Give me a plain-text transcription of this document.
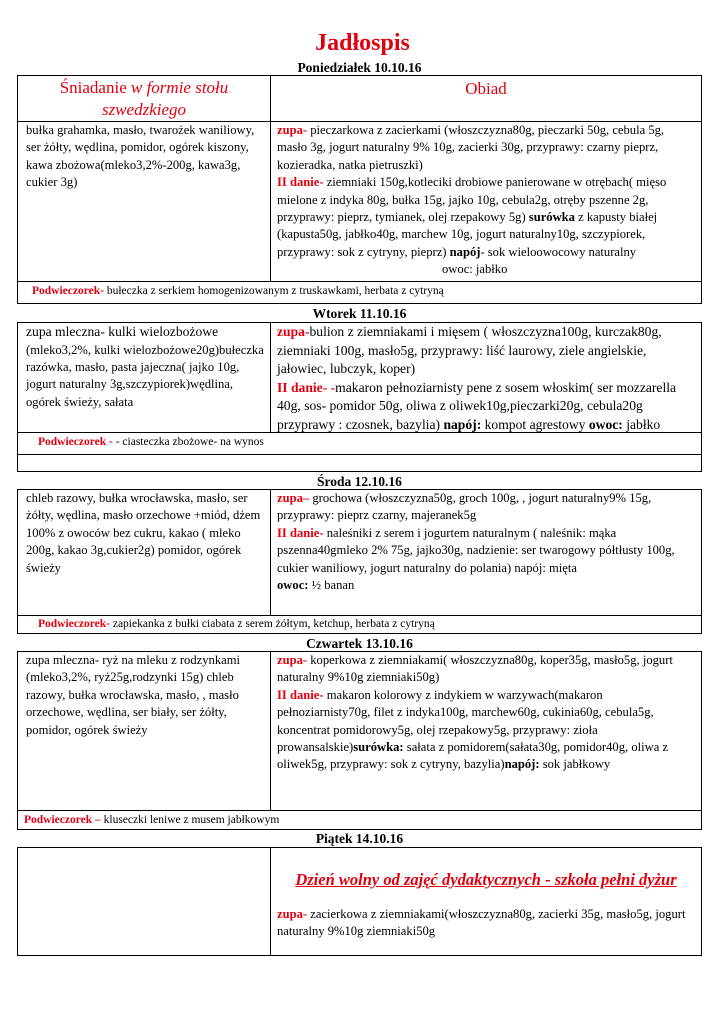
Jadłospis
Poniedziałek 10.10.16
Śniadanie w formie stołu
szwedzkiego
Obiad
bułka grahamka, masło, twarożek waniliowy, ser żółty, wędlina, pomidor, ogórek kiszony, kawa zbożowa(mleko3,2%-200g, kawa3g, cukier 3g)
zupa- pieczarkowa z zacierkami (włoszczyzna80g, pieczarki 50g, cebula 5g, masło 3g, jogurt naturalny 9% 10g, zacierki 30g, przyprawy: czarny pieprz, kozieradka, natka pietruszki)
II danie- ziemniaki 150g,kotleciki drobiowe panierowane w otrębach( mięso mielone z indyka 80g, bułka 15g, jajko 10g, cebula2g, otręby pszenne 2g, przyprawy: pieprz, tymianek, olej rzepakowy 5g) surówka z kapusty białej (kapusta50g, jabłko40g, marchew 10g, jogurt naturalny10g, szczypiorek, przyprawy: sok z cytryny, pieprz) napój- sok wieloowocowy naturalny
owoc: jabłko
Podwieczorek- bułeczka z serkiem homogenizowanym z truskawkami, herbata z cytryną
Wtorek 11.10.16
zupa mleczna- kulki wielozbożowe
(mleko3,2%, kulki wielozbożowe20g)bułeczka razówka, masło, pasta jajeczna( jajko 10g, jogurt naturalny 3g,szczypiorek)wędlina, ogórek świeży, sałata
zupa-bulion z ziemniakami i mięsem ( włoszczyzna100g, kurczak80g, ziemniaki 100g, masło5g, przyprawy: liść laurowy, ziele angielskie, jałowiec, lubczyk, koper)
II danie- -makaron pełnoziarnisty pene z sosem włoskim( ser mozzarella 40g, sos- pomidor 50g, oliwa z oliwek10g,pieczarki20g, cebula20g przyprawy : czosnek, bazylia) napój: kompot agrestowy owoc: jabłko
Podwieczorek - - ciasteczka zbożowe- na wynos
Środa 12.10.16
chleb razowy, bułka wrocławska, masło, ser żółty, wędlina, masło orzechowe +miód, dżem 100% z owoców bez cukru, kakao ( mleko 200g, kakao 3g,cukier2g) pomidor, ogórek świeży
zupa– grochowa (włoszczyzna50g, groch 100g, , jogurt naturalny9% 15g, przyprawy: pieprz czarny, majeranek5g
II danie- naleśniki z serem i jogurtem naturalnym ( naleśnik: mąka pszenna40gmleko 2% 75g, jajko30g, nadzienie: ser twarogowy półtłusty 100g, cukier waniliowy, jogurt naturalny do polania) napój: mięta
owoc: ½ banan
Podwieczorek- zapiekanka z bułki ciabata z serem żółtym, ketchup, herbata z cytryną
Czwartek 13.10.16
zupa mleczna- ryż na mleku z rodzynkami (mleko3,2%, ryż25g,rodzynki 15g) chleb razowy, bułka wrocławska, masło, , masło orzechowe, wędlina, ser biały, ser żółty, pomidor, ogórek świeży
zupa- koperkowa z ziemniakami( włoszczyzna80g, koper35g, masło5g, jogurt naturalny 9%10g ziemniaki50g)
II danie- makaron kolorowy z indykiem w warzywach(makaron pełnoziarnisty70g, filet z indyka100g, marchew60g, cukinia60g, cebula5g, koncentrat pomidorowy5g, olej rzepakowy5g, przyprawy: zioła prowansalskie)surówka: sałata z pomidorem(sałata30g, pomidor40g, oliwa z oliwek5g, przyprawy: sok z cytryny, bazylia)napój: sok jabłkowy
Podwieczorek – kluseczki leniwe z musem jabłkowym
Piątek 14.10.16
Dzień wolny od zajęć dydaktycznych - szkoła pełni dyżur
zupa- zacierkowa z ziemniakami(włoszczyzna80g, zacierki 35g, masło5g, jogurt naturalny 9%10g ziemniaki50g
